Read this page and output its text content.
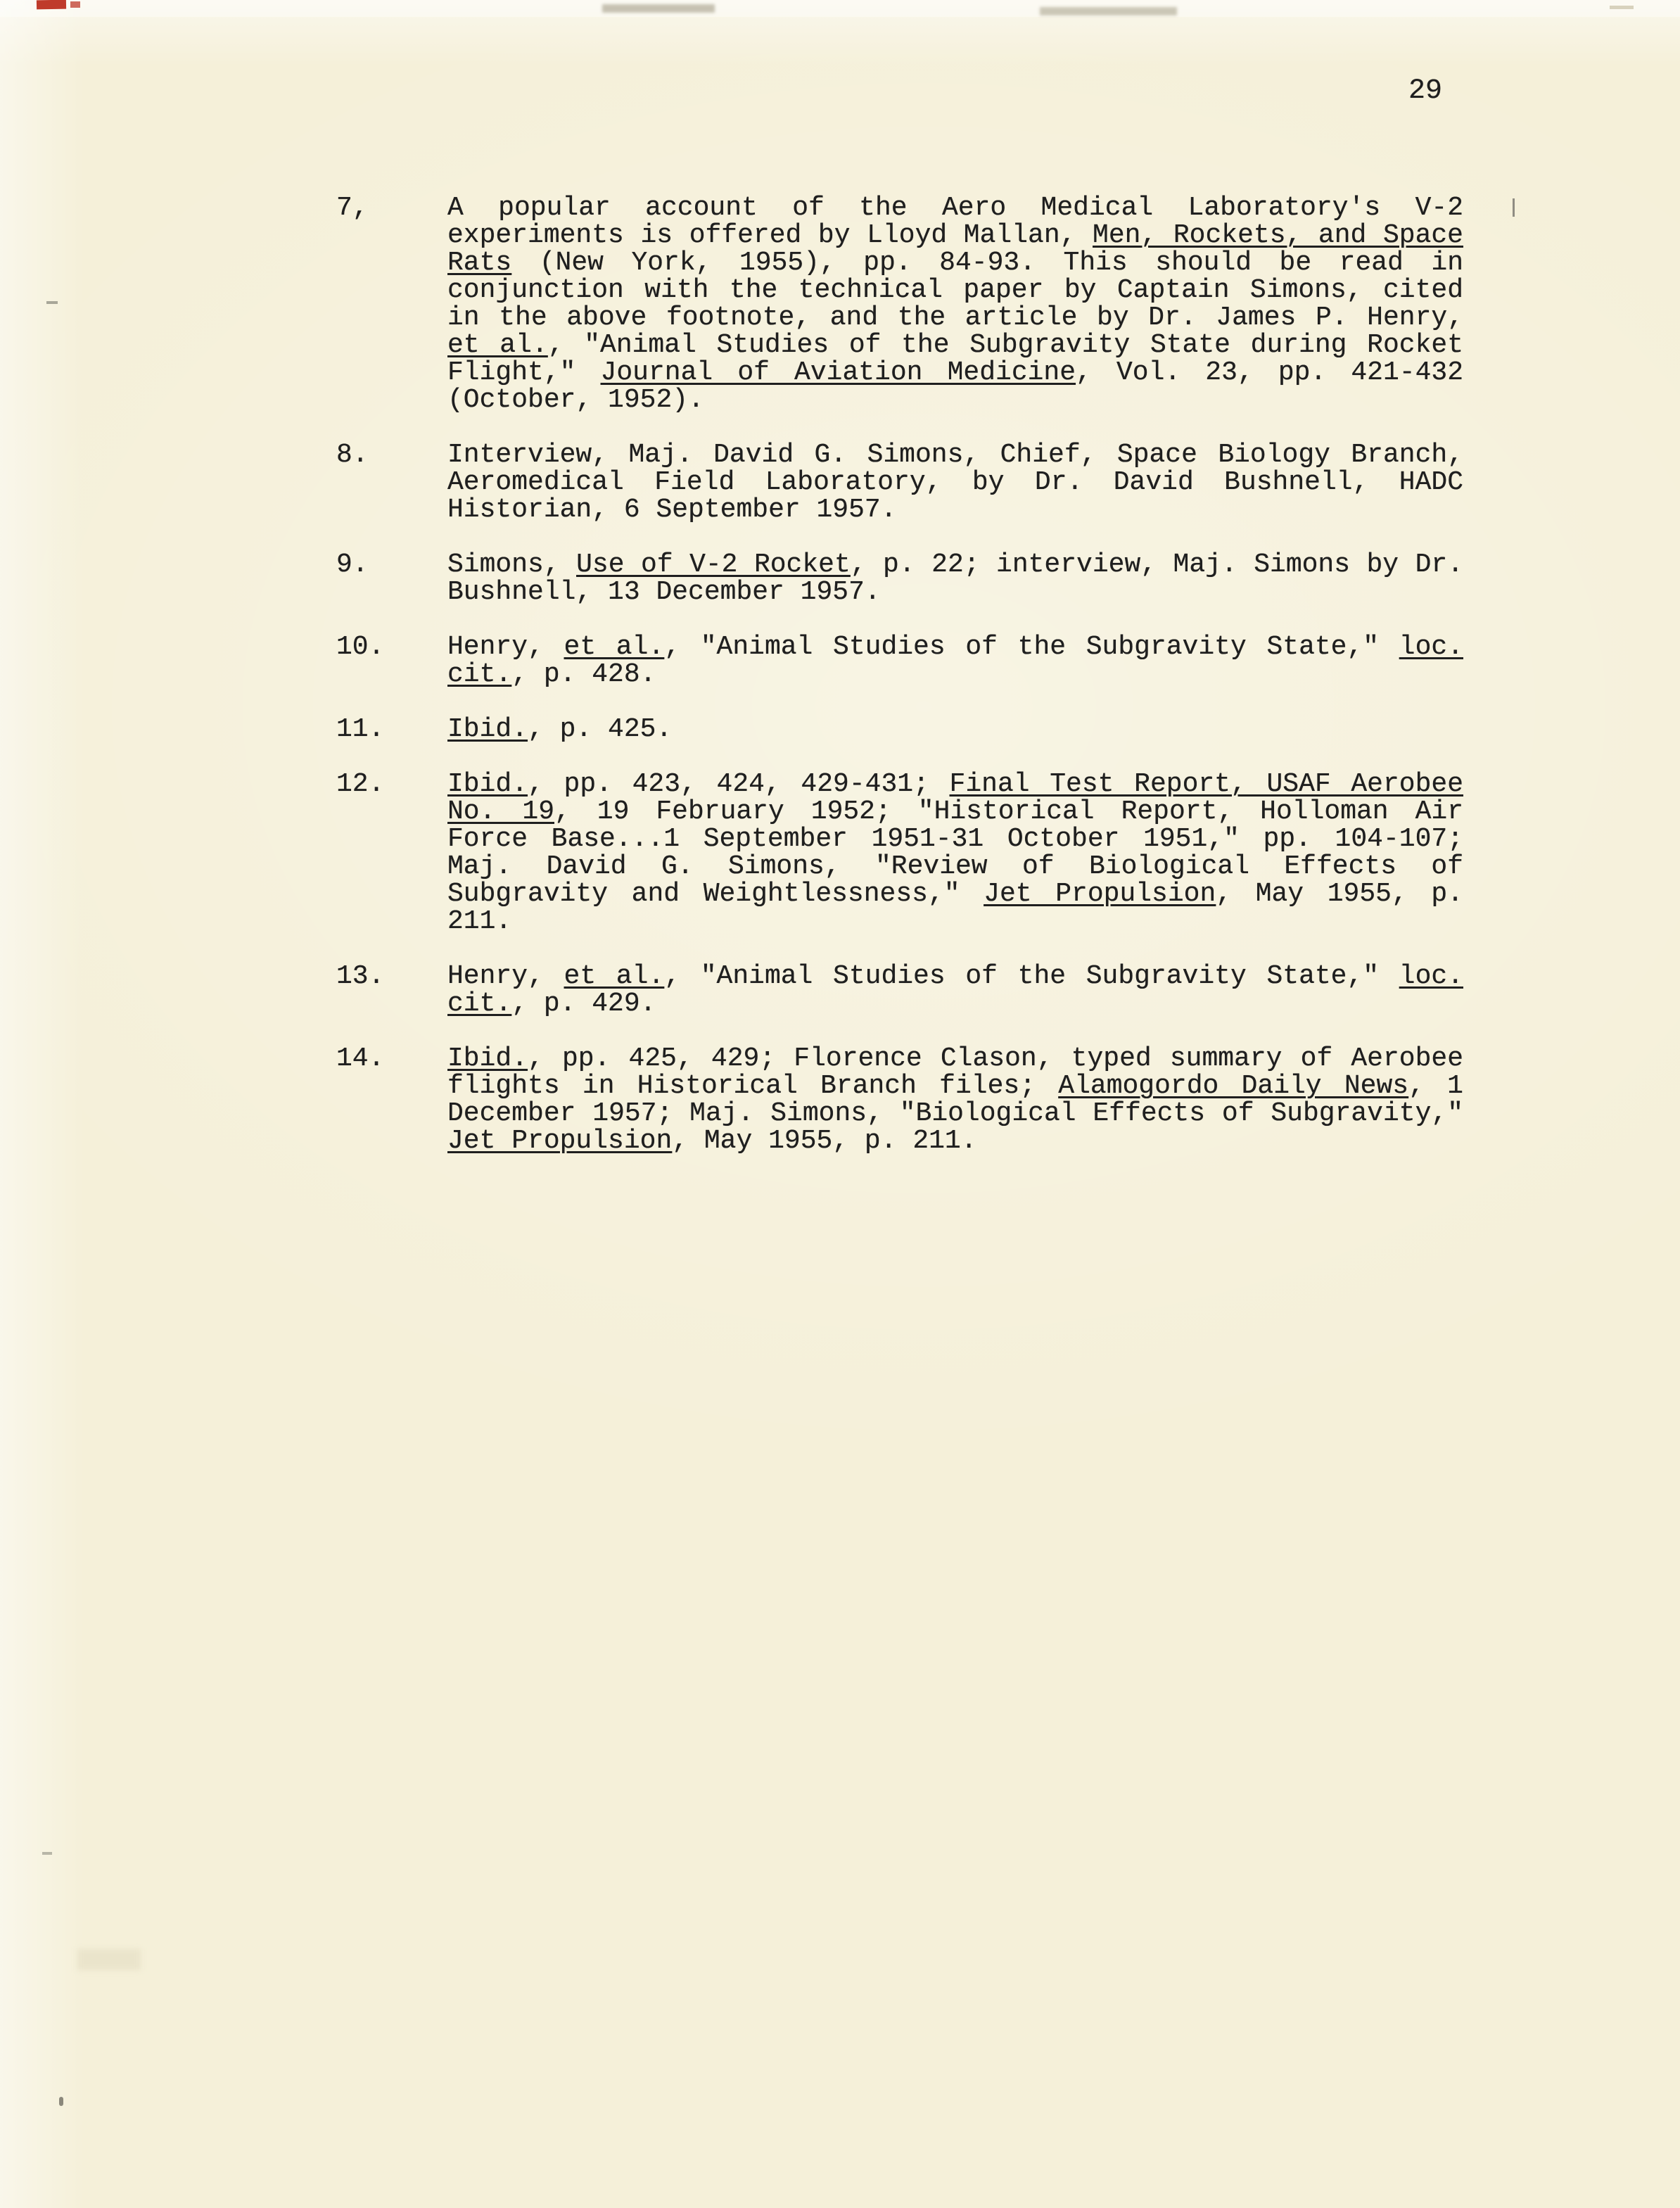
29
7,	A popular account of the Aero Medical Laboratory's V-2 experiments is offered by Lloyd Mallan, Men, Rockets, and Space Rats (New York, 1955), pp. 84-93. This should be read in conjunction with the technical paper by Captain Simons, cited in the above footnote, and the article by Dr. James P. Henry, et al., "Animal Studies of the Subgravity State during Rocket Flight," Journal of Aviation Medicine, Vol. 23, pp. 421-432 (October, 1952).
8.	Interview, Maj. David G. Simons, Chief, Space Biology Branch, Aeromedical Field Laboratory, by Dr. David Bushnell, HADC Historian, 6 September 1957.
9.	Simons, Use of V-2 Rocket, p. 22; interview, Maj. Simons by Dr. Bushnell, 13 December 1957.
10.	Henry, et al., "Animal Studies of the Subgravity State," loc. cit., p. 428.
11.	Ibid., p. 425.
12.	Ibid., pp. 423, 424, 429-431; Final Test Report, USAF Aerobee No. 19, 19 February 1952; "Historical Report, Holloman Air Force Base...1 September 1951-31 October 1951," pp. 104-107; Maj. David G. Simons, "Review of Biological Effects of Subgravity and Weightlessness," Jet Propulsion, May 1955, p. 211.
13.	Henry, et al., "Animal Studies of the Subgravity State," loc. cit., p. 429.
14.	Ibid., pp. 425, 429; Florence Clason, typed summary of Aerobee flights in Historical Branch files; Alamogordo Daily News, 1 December 1957; Maj. Simons, "Biological Effects of Subgravity," Jet Propulsion, May 1955, p. 211.
